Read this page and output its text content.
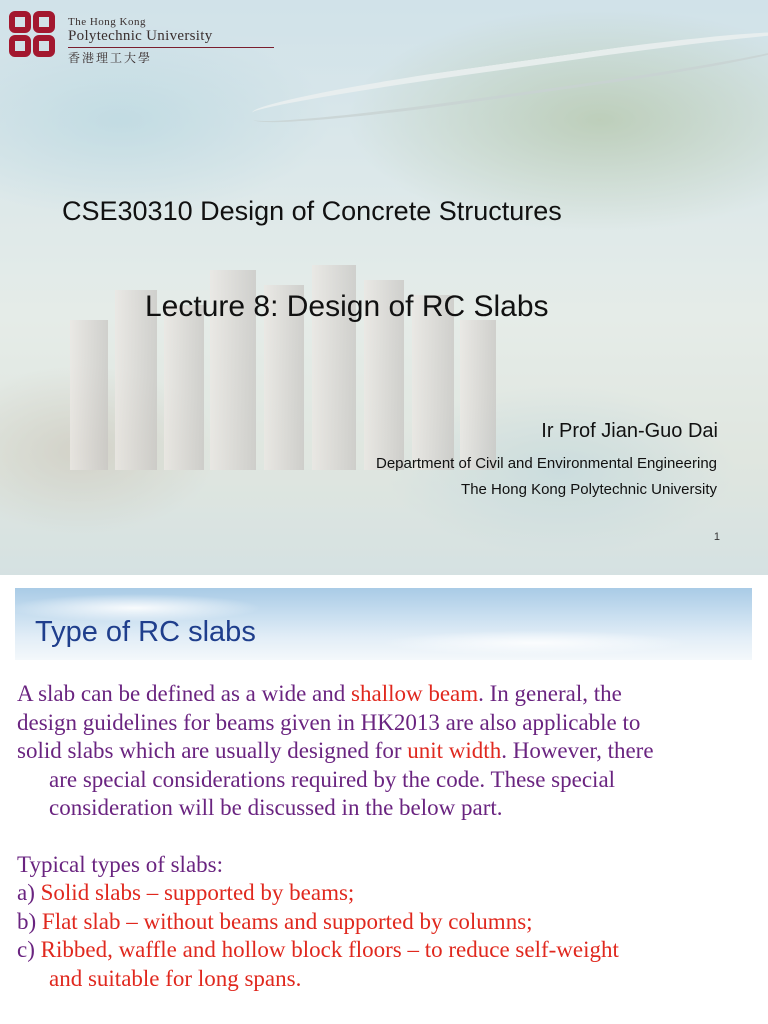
The Hong Kong
Polytechnic University
香港理工大學
CSE30310 Design of Concrete Structures
Lecture 8: Design of RC Slabs
Ir Prof Jian-Guo Dai
Department of Civil and Environmental Engineering
The Hong Kong Polytechnic University
1
Type of RC slabs
A slab can be defined as a wide and shallow beam. In general, the
design guidelines for beams given in HK2013 are also applicable to
solid slabs which are usually designed for unit width. However, there
are special considerations required by the code. These special
consideration will be discussed in the below part.
Typical types of slabs:
a) Solid slabs – supported by beams;
b) Flat slab – without beams and supported by columns;
c) Ribbed, waffle and hollow block floors – to reduce self-weight
and suitable for long spans.
